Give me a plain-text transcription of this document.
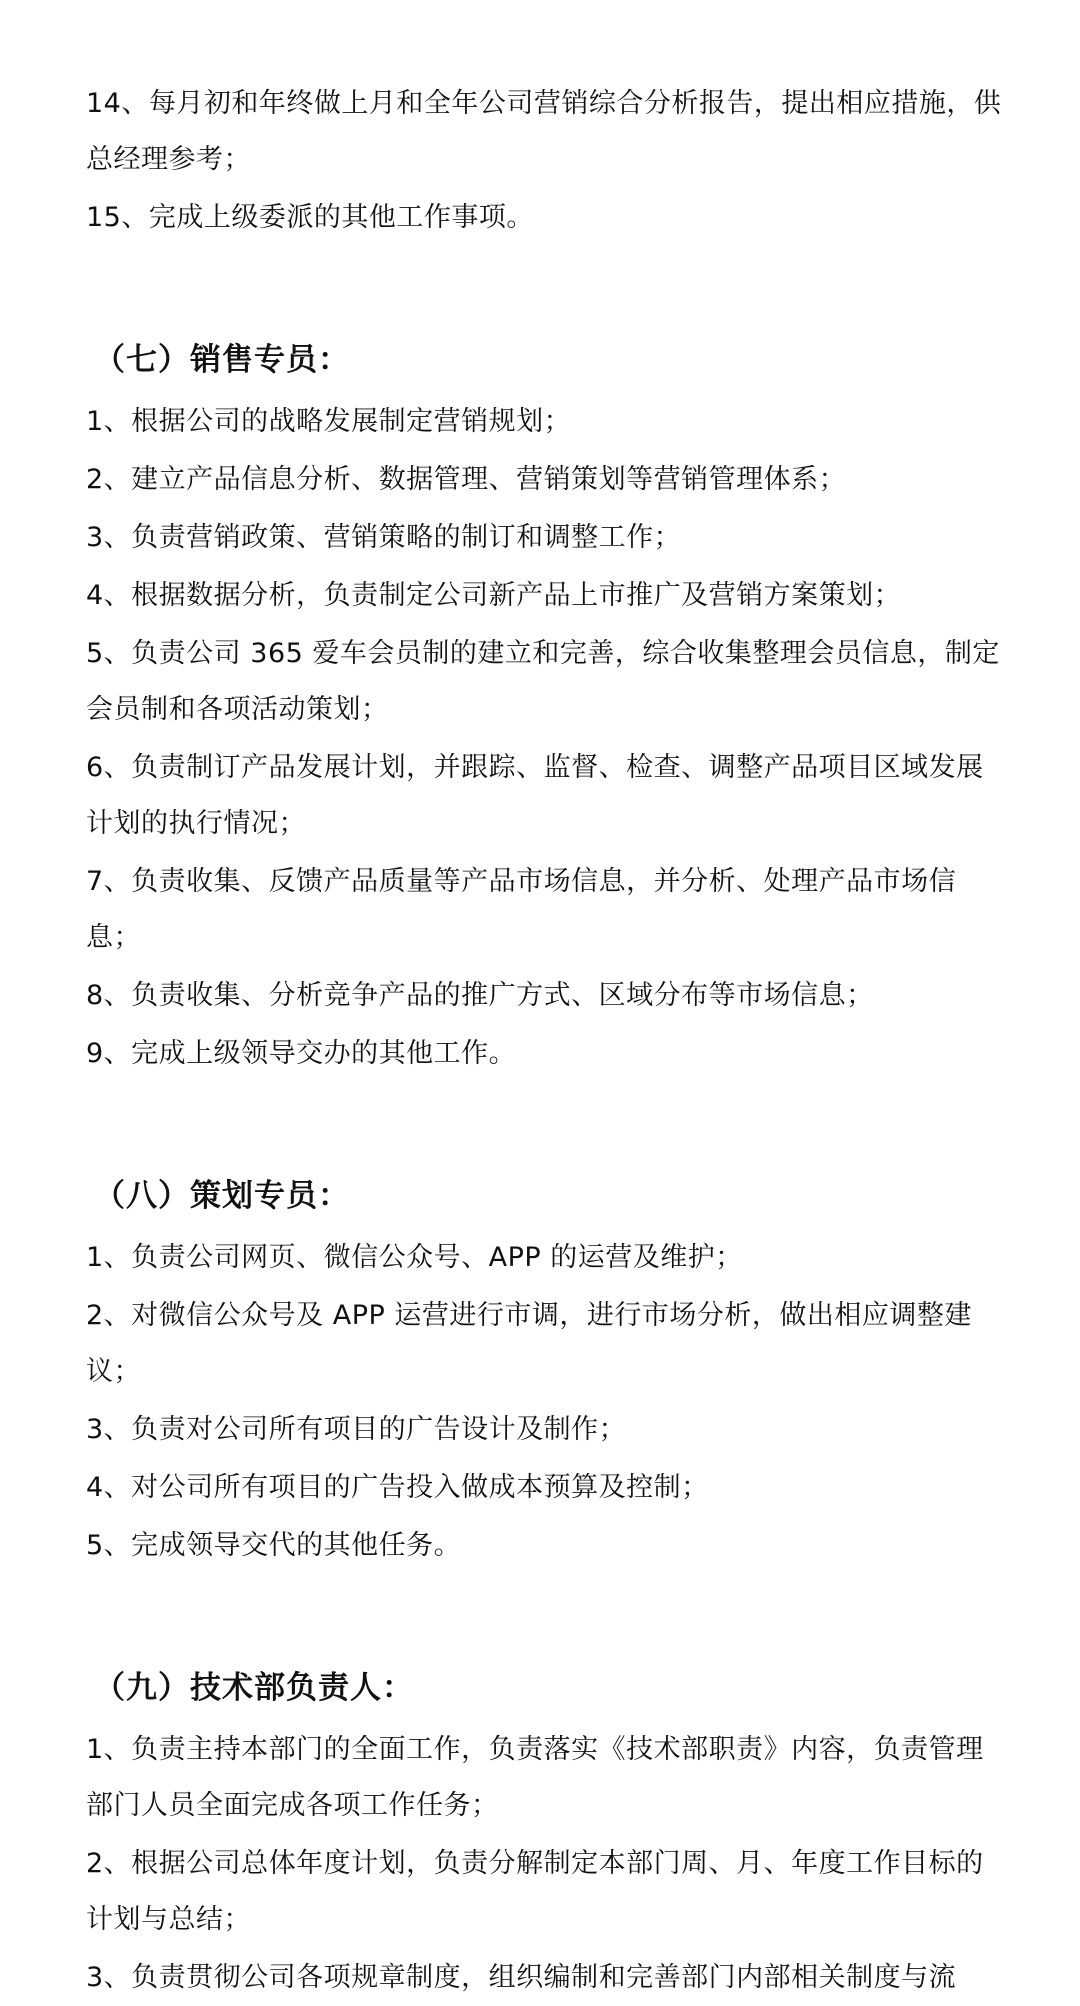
14、每月初和年终做上月和全年公司营销综合分析报告，提出相应措施，供总经理参考；

15、完成上级委派的其他工作事项。

（七）销售专员：

1、根据公司的战略发展制定营销规划；

2、建立产品信息分析、数据管理、营销策划等营销管理体系；

3、负责营销政策、营销策略的制订和调整工作；

4、根据数据分析，负责制定公司新产品上市推广及营销方案策划；

5、负责公司 365 爱车会员制的建立和完善，综合收集整理会员信息，制定会员制和各项活动策划；

6、负责制订产品发展计划，并跟踪、监督、检查、调整产品项目区域发展计划的执行情况；

7、负责收集、反馈产品质量等产品市场信息，并分析、处理产品市场信息；

8、负责收集、分析竞争产品的推广方式、区域分布等市场信息；

9、完成上级领导交办的其他工作。

（八）策划专员：

1、负责公司网页、微信公众号、APP 的运营及维护；

2、对微信公众号及 APP 运营进行市调，进行市场分析，做出相应调整建议；

3、负责对公司所有项目的广告设计及制作；

4、对公司所有项目的广告投入做成本预算及控制；

5、完成领导交代的其他任务。

（九）技术部负责人：

1、负责主持本部门的全面工作，负责落实《技术部职责》内容，负责管理部门人员全面完成各项工作任务；

2、根据公司总体年度计划，负责分解制定本部门周、月、年度工作目标的计划与总结；

3、负责贯彻公司各项规章制度，组织编制和完善部门内部相关制度与流
